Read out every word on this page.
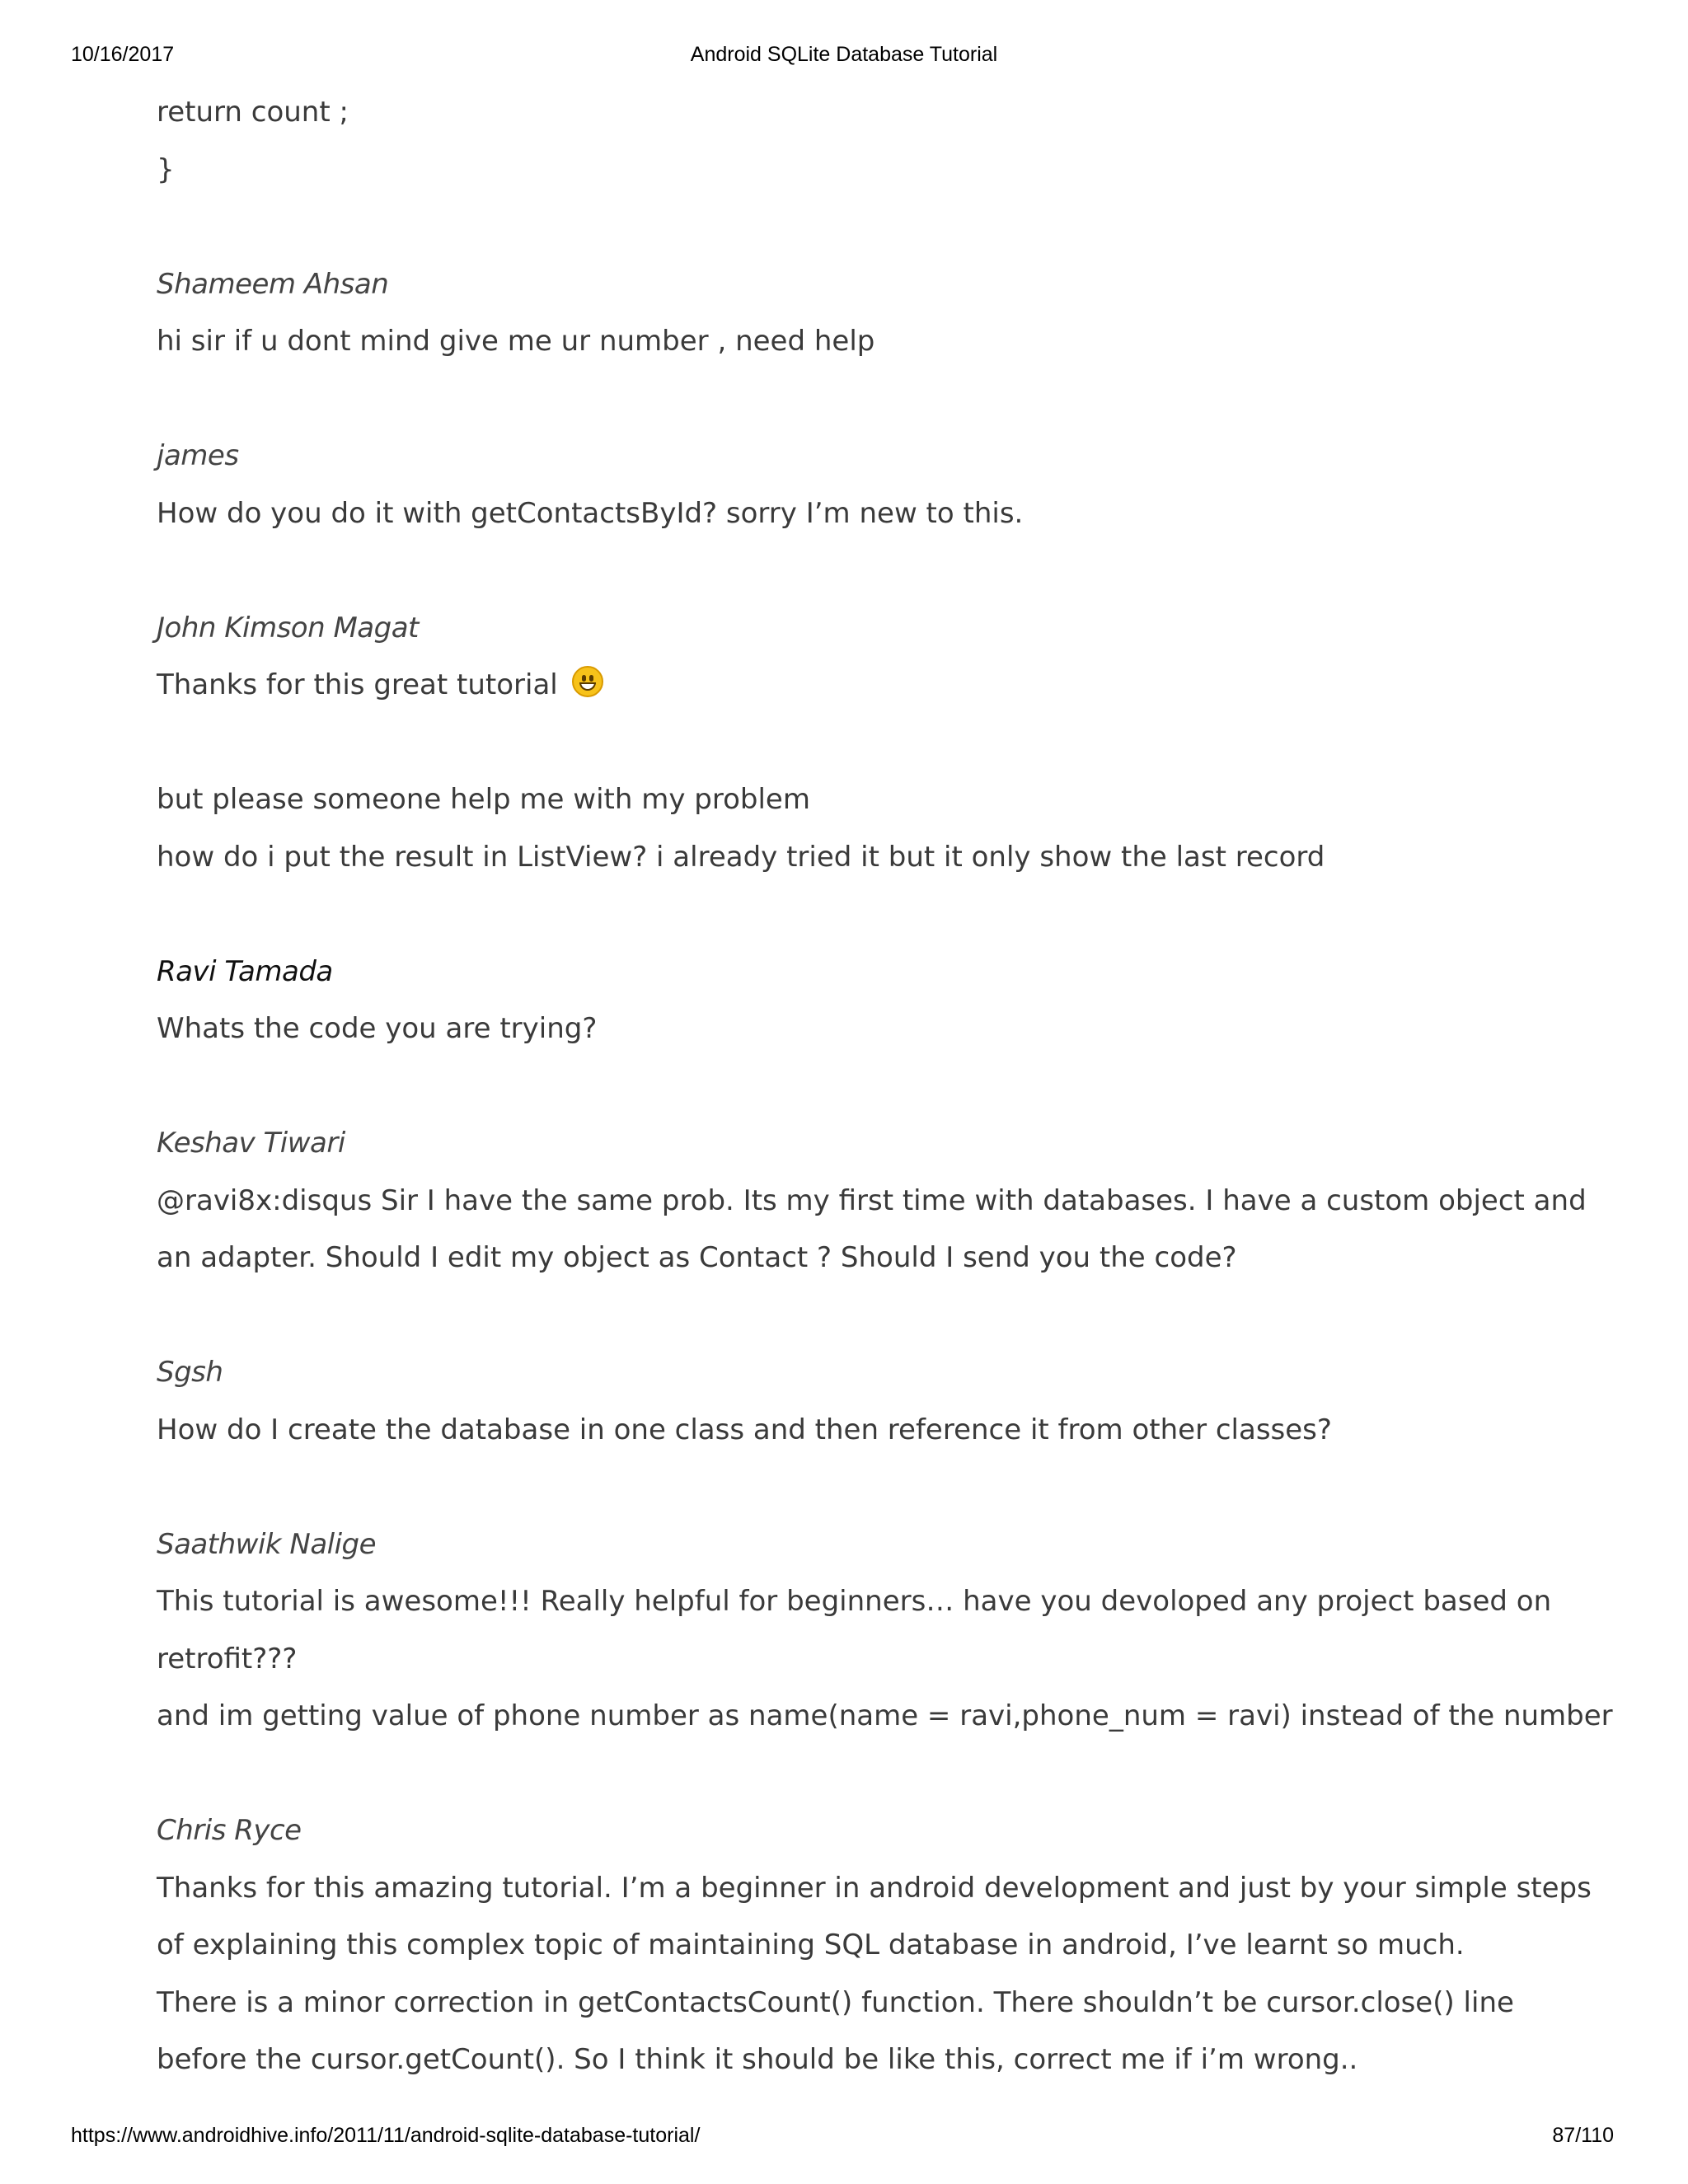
10/16/2017	Android SQLite Database Tutorial
return count ;
}
Shameem Ahsan
hi sir if u dont mind give me ur number , need help
james
How do you do it with getContactsById? sorry I’m new to this.
John Kimson Magat
Thanks for this great tutorial
but please someone help me with my problem
how do i put the result in ListView? i already tried it but it only show the last record
Ravi Tamada
Whats the code you are trying?
Keshav Tiwari
@ravi8x:disqus Sir I have the same prob. Its my first time with databases. I have a custom object and
an adapter. Should I edit my object as Contact ? Should I send you the code?
Sgsh
How do I create the database in one class and then reference it from other classes?
Saathwik Nalige
This tutorial is awesome!!! Really helpful for beginners… have you devoloped any project based on
retrofit???
and im getting value of phone number as name(name = ravi,phone_num = ravi) instead of the number
Chris Ryce
Thanks for this amazing tutorial. I’m a beginner in android development and just by your simple steps
of explaining this complex topic of maintaining SQL database in android, I’ve learnt so much.
There is a minor correction in getContactsCount() function. There shouldn’t be cursor.close() line
before the cursor.getCount(). So I think it should be like this, correct me if i’m wrong..
https://www.androidhive.info/2011/11/android-sqlite-database-tutorial/	87/110
